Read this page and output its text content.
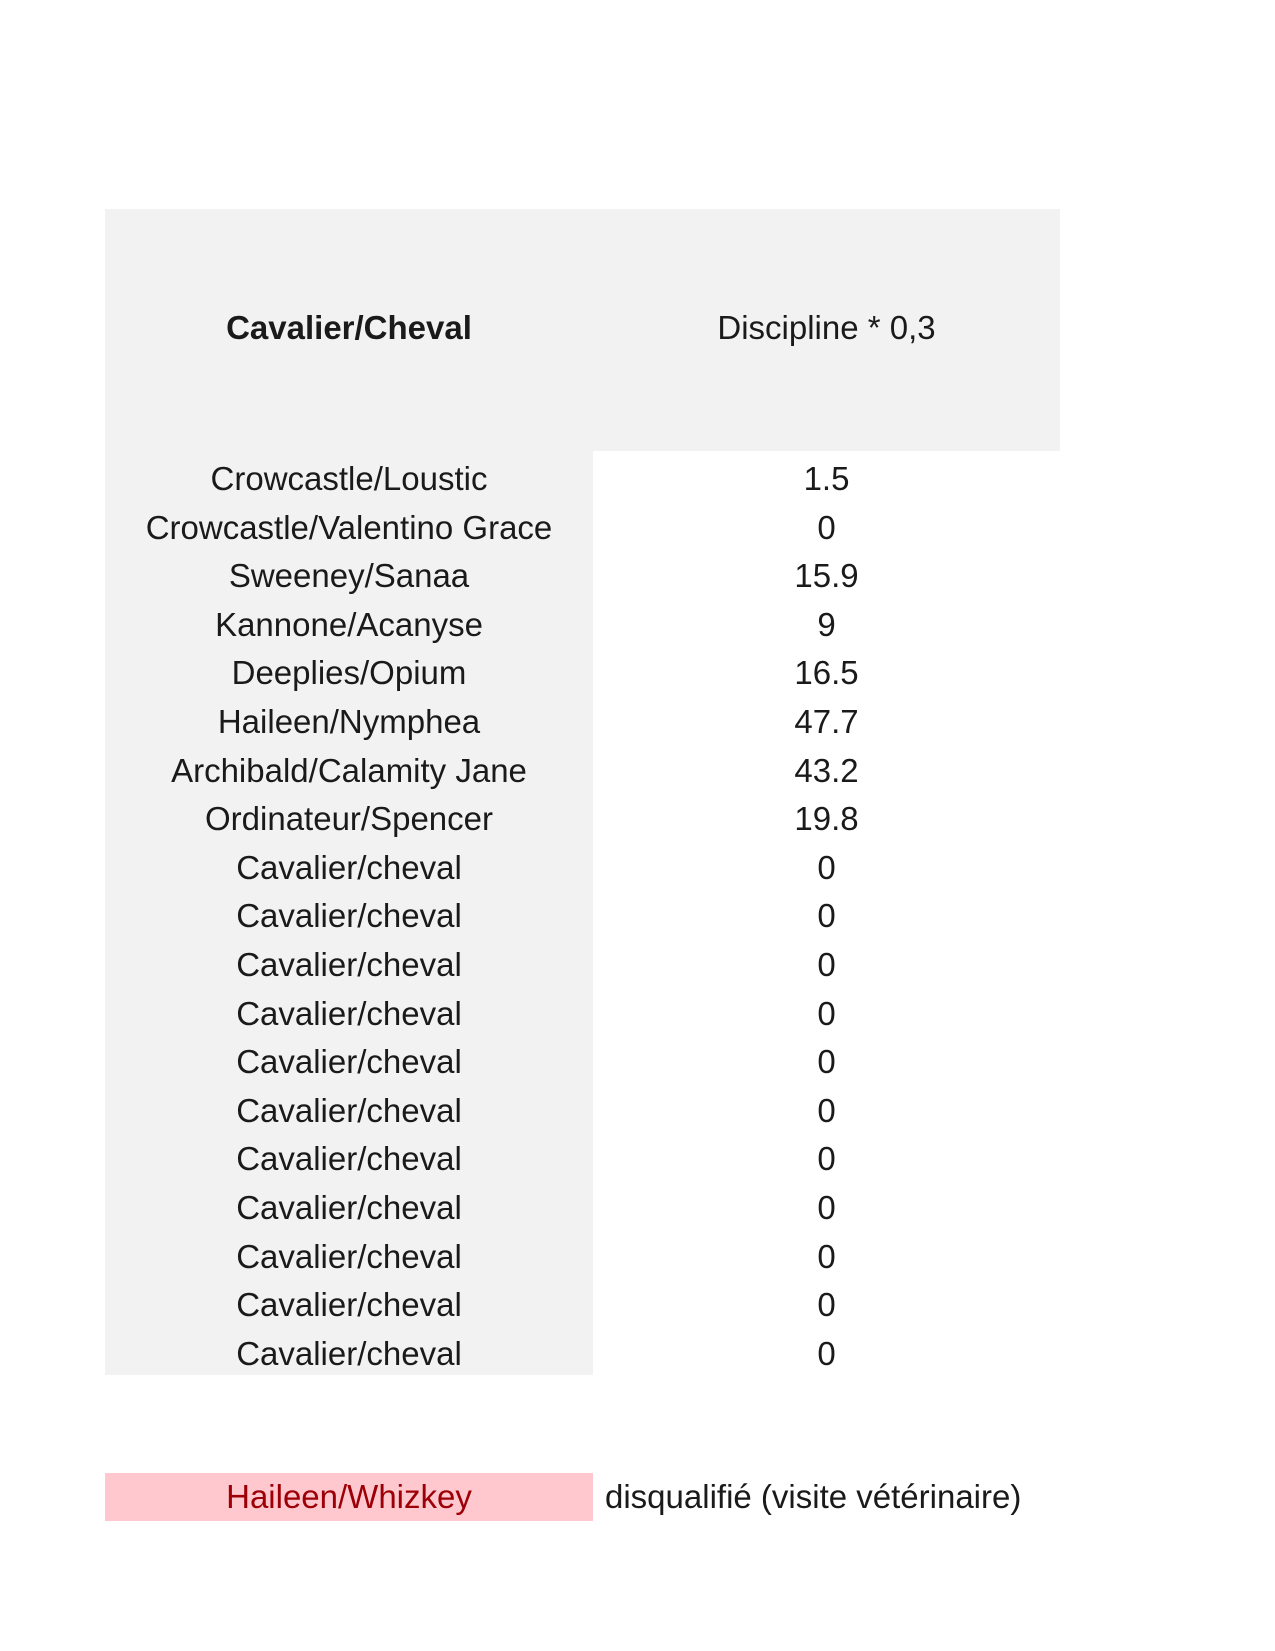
Cavalier/Cheval	Discipline * 0,3
Crowcastle/Loustic	1.5
Crowcastle/Valentino Grace	0
Sweeney/Sanaa	15.9
Kannone/Acanyse	9
Deeplies/Opium	16.5
Haileen/Nymphea	47.7
Archibald/Calamity Jane	43.2
Ordinateur/Spencer	19.8
Cavalier/cheval	0
Cavalier/cheval	0
Cavalier/cheval	0
Cavalier/cheval	0
Cavalier/cheval	0
Cavalier/cheval	0
Cavalier/cheval	0
Cavalier/cheval	0
Cavalier/cheval	0
Cavalier/cheval	0
Cavalier/cheval	0
Haileen/Whizkey	disqualifié (visite vétérinaire)
